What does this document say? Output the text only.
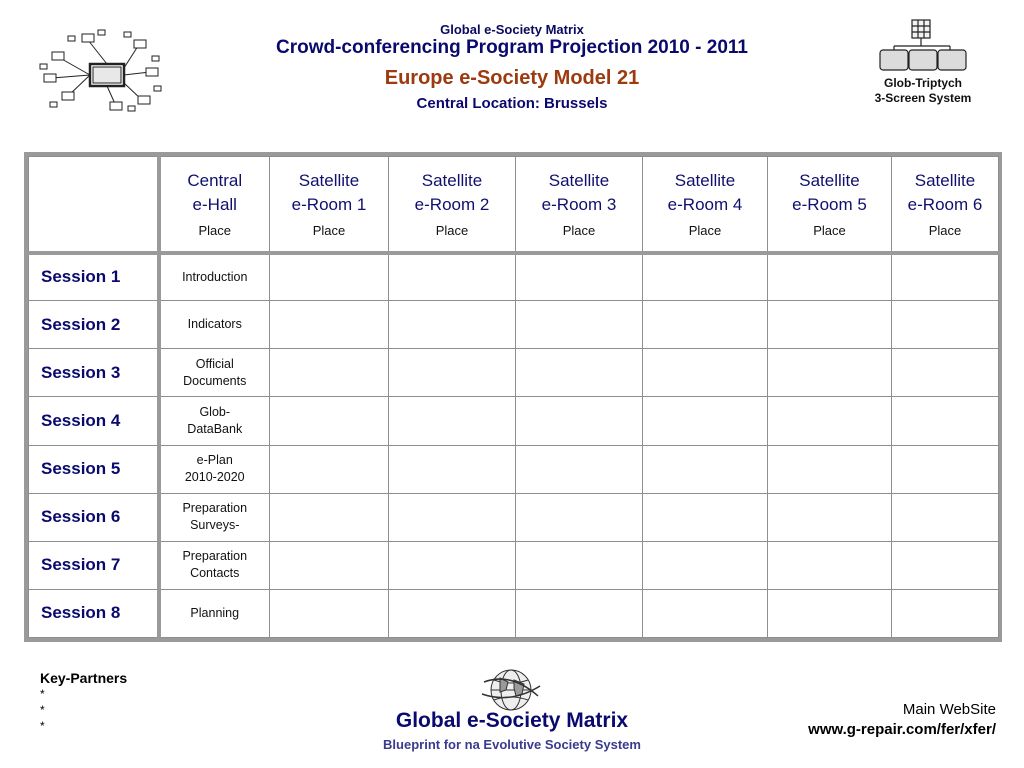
Global e-Society Matrix
Crowd-conferencing Program Projection 2010 - 2011
Europe e-Society Model 21
Central Location: Brussels
Glob-Triptych
3-Screen System

	Central
e-Hall
Place	Satellite
e-Room 1
Place	Satellite
e-Room 2
Place	Satellite
e-Room 3
Place	Satellite
e-Room 4
Place	Satellite
e-Room 5
Place	Satellite
e-Room 6
Place

Session 1	Introduction						

Session 2	Indicators						

Session 3	Official
Documents						

Session 4	Glob-
DataBank						

Session 5	e-Plan
2010-2020						

Session 6	Preparation
Surveys-						

Session 7	Preparation
Contacts						

Session 8	Planning						

Key-Partners
*
*
*	Global e-Society Matrix
Blueprint for na Evolutive Society System
Main WebSite
www.g-repair.com/fer/xfer/
